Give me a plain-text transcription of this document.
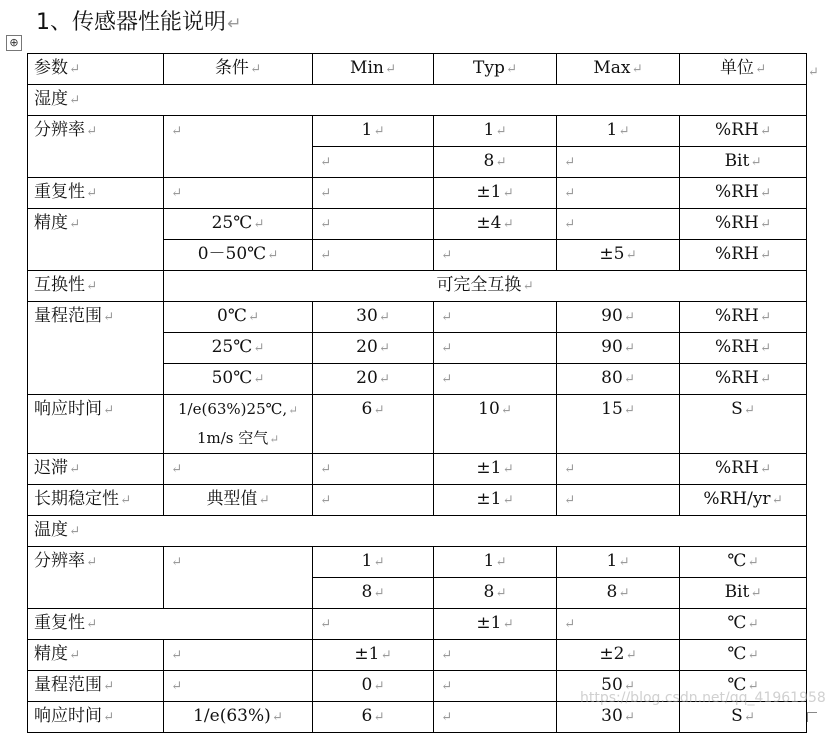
1、传感器性能说明↵
⊕
参数↵	条件↵	Min↵	Typ↵	Max↵	单位↵
湿度↵					
分辨率↵	↵	1↵	1↵	1↵	%RH↵
		↵	8↵	↵	Bit↵
重复性↵	↵	↵	±1↵	↵	%RH↵
精度↵	25℃↵	↵	±4↵	↵	%RH↵
	0－50℃↵	↵	↵	±5↵	%RH↵
互换性↵	可完全互换↵				
量程范围↵	0℃↵	30↵	↵	90↵	%RH↵
	25℃↵	20↵	↵	90↵	%RH↵
	50℃↵	20↵	↵	80↵	%RH↵
响应时间↵	1/e(63%)25℃,↵
1m/s 空气↵	6↵	10↵	15↵	S↵
迟滞↵	↵	↵	±1↵	↵	%RH↵
长期稳定性↵	典型值↵	↵	±1↵	↵	%RH/yr↵
温度↵					
分辨率↵	↵	1↵	1↵	1↵	℃↵
		8↵	8↵	8↵	Bit↵
重复性↵		↵	±1↵	↵	℃↵
精度↵	↵	±1↵	↵	±2↵	℃↵
量程范围↵	↵	0↵	↵	50↵	℃↵
响应时间↵	1/e(63%)↵	6↵	↵	30↵	S↵
↵
https://blog.csdn.net/qq_41961958
